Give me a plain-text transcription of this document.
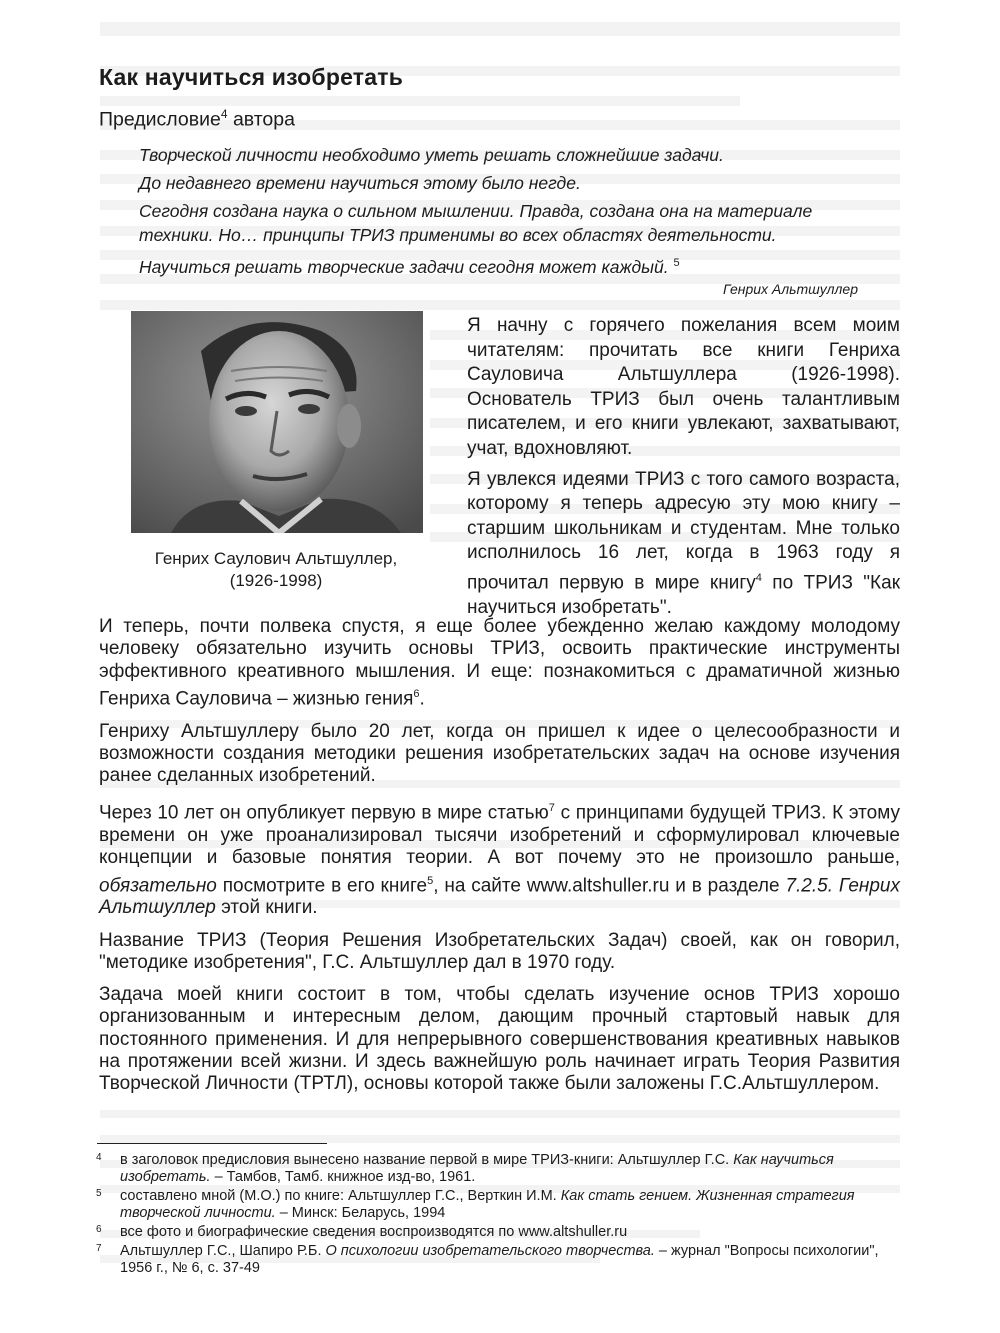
Как научиться изобретать
Предисловие$^4$ автора

Творческой личности необходимо уметь решать сложнейшие задачи.

До недавнего времени научиться этому было негде.

Сегодня создана наука о сильном мышлении. Правда, создана она на материале техники. Но… принципы ТРИЗ применимы во всех областях деятельности.

Научиться решать творческие задачи сегодня может каждый. $^5$

Генрих Альтшуллер
Генрих Саулович Альтшуллер,
(1926-1998)

Я начну с горячего пожелания всем моим читателям: прочитать все книги Генриха Сауловича Альтшуллера (1926-1998). Основатель ТРИЗ был очень талантливым писателем, и его книги увлекают, захватывают, учат, вдохновляют.

Я увлекся идеями ТРИЗ с того самого возраста, которому я теперь адресую эту мою книгу – старшим школьникам и студентам. Мне только исполнилось 16 лет, когда в 1963 году я прочитал первую в мире книгу$^4$ по ТРИЗ "Как научиться изобретать".

И теперь, почти полвека спустя, я еще более убежденно желаю каждому молодому человеку обязательно изучить основы ТРИЗ, освоить практические инструменты эффективного креативного мышления. И еще: познакомиться с драматичной жизнью Генриха Сауловича – жизнью гения$^6$.

Генриху Альтшуллеру было 20 лет, когда он пришел к идее о целесообразности и возможности создания методики решения изобретательских задач на основе изучения ранее сделанных изобретений.

Через 10 лет он опубликует первую в мире статью$^7$ с принципами будущей ТРИЗ. К этому времени он уже проанализировал тысячи изобретений и сформулировал ключевые концепции и базовые понятия теории. А вот почему это не произошло раньше, обязательно посмотрите в его книге$^5$, на сайте www.altshuller.ru и в разделе 7.2.5. Генрих Альтшуллер этой книги.

Название ТРИЗ (Теория Решения Изобретательских Задач) своей, как он говорил, "методике изобретения", Г.С. Альтшуллер дал в 1970 году.

Задача моей книги состоит в том, чтобы сделать изучение основ ТРИЗ хорошо организованным и интересным делом, дающим прочный стартовый навык для постоянного применения. И для непрерывного совершенствования креативных навыков на протяжении всей жизни. И здесь важнейшую роль начинает играть Теория Развития Творческой Личности (ТРТЛ), основы которой также были заложены Г.С.Альтшуллером.

4	в заголовок предисловия вынесено название первой в мире ТРИЗ-книги: Альтшуллер Г.С. Как научиться изобретать. – Тамбов, Тамб. книжное изд-во, 1961.
5	составлено мной (М.О.) по книге: Альтшуллер Г.С., Верткин И.М. Как стать гением. Жизненная стратегия творческой личности. – Минск: Беларусь, 1994
6	все фото и биографические сведения воспроизводятся по www.altshuller.ru
7	Альтшуллер Г.С., Шапиро Р.Б. О психологии изобретательского творчества. – журнал "Вопросы психологии", 1956 г., № 6, с. 37-49
